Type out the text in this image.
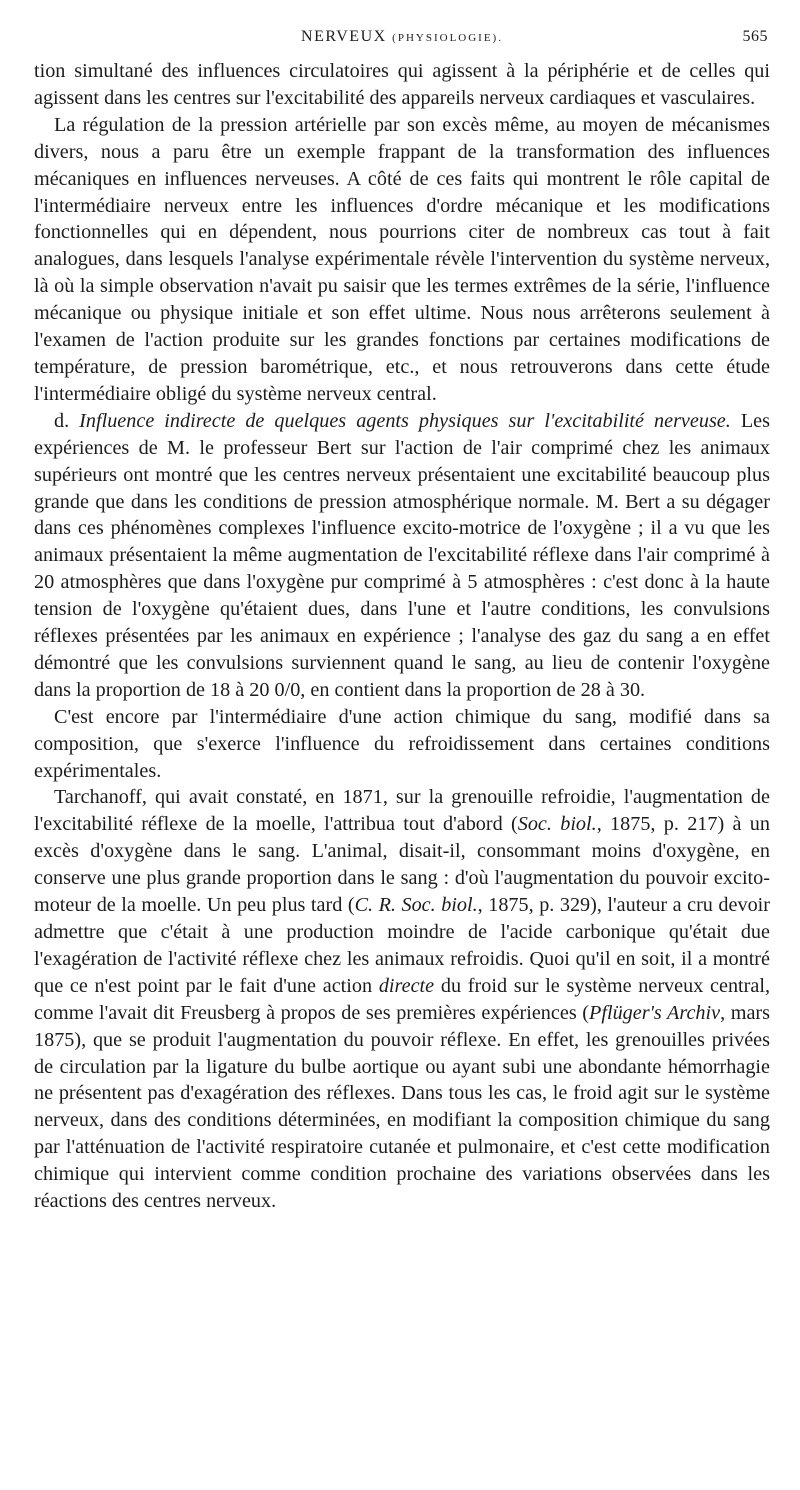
NERVEUX (PHYSIOLOGIE).	565

tion simultané des influences circulatoires qui agissent à la périphérie et de celles qui agissent dans les centres sur l'excitabilité des appareils nerveux cardiaques et vasculaires.

La régulation de la pression artérielle par son excès même, au moyen de mécanismes divers, nous a paru être un exemple frappant de la transformation des influences mécaniques en influences nerveuses. A côté de ces faits qui montrent le rôle capital de l'intermédiaire nerveux entre les influences d'ordre mécanique et les modifications fonctionnelles qui en dépendent, nous pourrions citer de nombreux cas tout à fait analogues, dans lesquels l'analyse expérimentale révèle l'intervention du système nerveux, là où la simple observation n'avait pu saisir que les termes extrêmes de la série, l'influence mécanique ou physique initiale et son effet ultime. Nous nous arrêterons seulement à l'examen de l'action produite sur les grandes fonctions par certaines modifications de température, de pression barométrique, etc., et nous retrouverons dans cette étude l'intermédiaire obligé du système nerveux central.

d. Influence indirecte de quelques agents physiques sur l'excitabilité nerveuse. Les expériences de M. le professeur Bert sur l'action de l'air comprimé chez les animaux supérieurs ont montré que les centres nerveux présentaient une excitabilité beaucoup plus grande que dans les conditions de pression atmosphérique normale. M. Bert a su dégager dans ces phénomènes complexes l'influence excito-motrice de l'oxygène ; il a vu que les animaux présentaient la même augmentation de l'excitabilité réflexe dans l'air comprimé à 20 atmosphères que dans l'oxygène pur comprimé à 5 atmosphères : c'est donc à la haute tension de l'oxygène qu'étaient dues, dans l'une et l'autre conditions, les convulsions réflexes présentées par les animaux en expérience ; l'analyse des gaz du sang a en effet démontré que les convulsions surviennent quand le sang, au lieu de contenir l'oxygène dans la proportion de 18 à 20 0/0, en contient dans la proportion de 28 à 30.

C'est encore par l'intermédiaire d'une action chimique du sang, modifié dans sa composition, que s'exerce l'influence du refroidissement dans certaines conditions expérimentales.

Tarchanoff, qui avait constaté, en 1871, sur la grenouille refroidie, l'augmentation de l'excitabilité réflexe de la moelle, l'attribua tout d'abord (Soc. biol., 1875, p. 217) à un excès d'oxygène dans le sang. L'animal, disait-il, consommant moins d'oxygène, en conserve une plus grande proportion dans le sang : d'où l'augmentation du pouvoir excito-moteur de la moelle. Un peu plus tard (C. R. Soc. biol., 1875, p. 329), l'auteur a cru devoir admettre que c'était à une production moindre de l'acide carbonique qu'était due l'exagération de l'activité réflexe chez les animaux refroidis. Quoi qu'il en soit, il a montré que ce n'est point par le fait d'une action directe du froid sur le système nerveux central, comme l'avait dit Freusberg à propos de ses premières expériences (Pflüger's Archiv, mars 1875), que se produit l'augmentation du pouvoir réflexe. En effet, les grenouilles privées de circulation par la ligature du bulbe aortique ou ayant subi une abondante hémorrhagie ne présentent pas d'exagération des réflexes. Dans tous les cas, le froid agit sur le système nerveux, dans des conditions déterminées, en modifiant la composition chimique du sang par l'atténuation de l'activité respiratoire cutanée et pulmonaire, et c'est cette modification chimique qui intervient comme condition prochaine des variations observées dans les réactions des centres nerveux.
